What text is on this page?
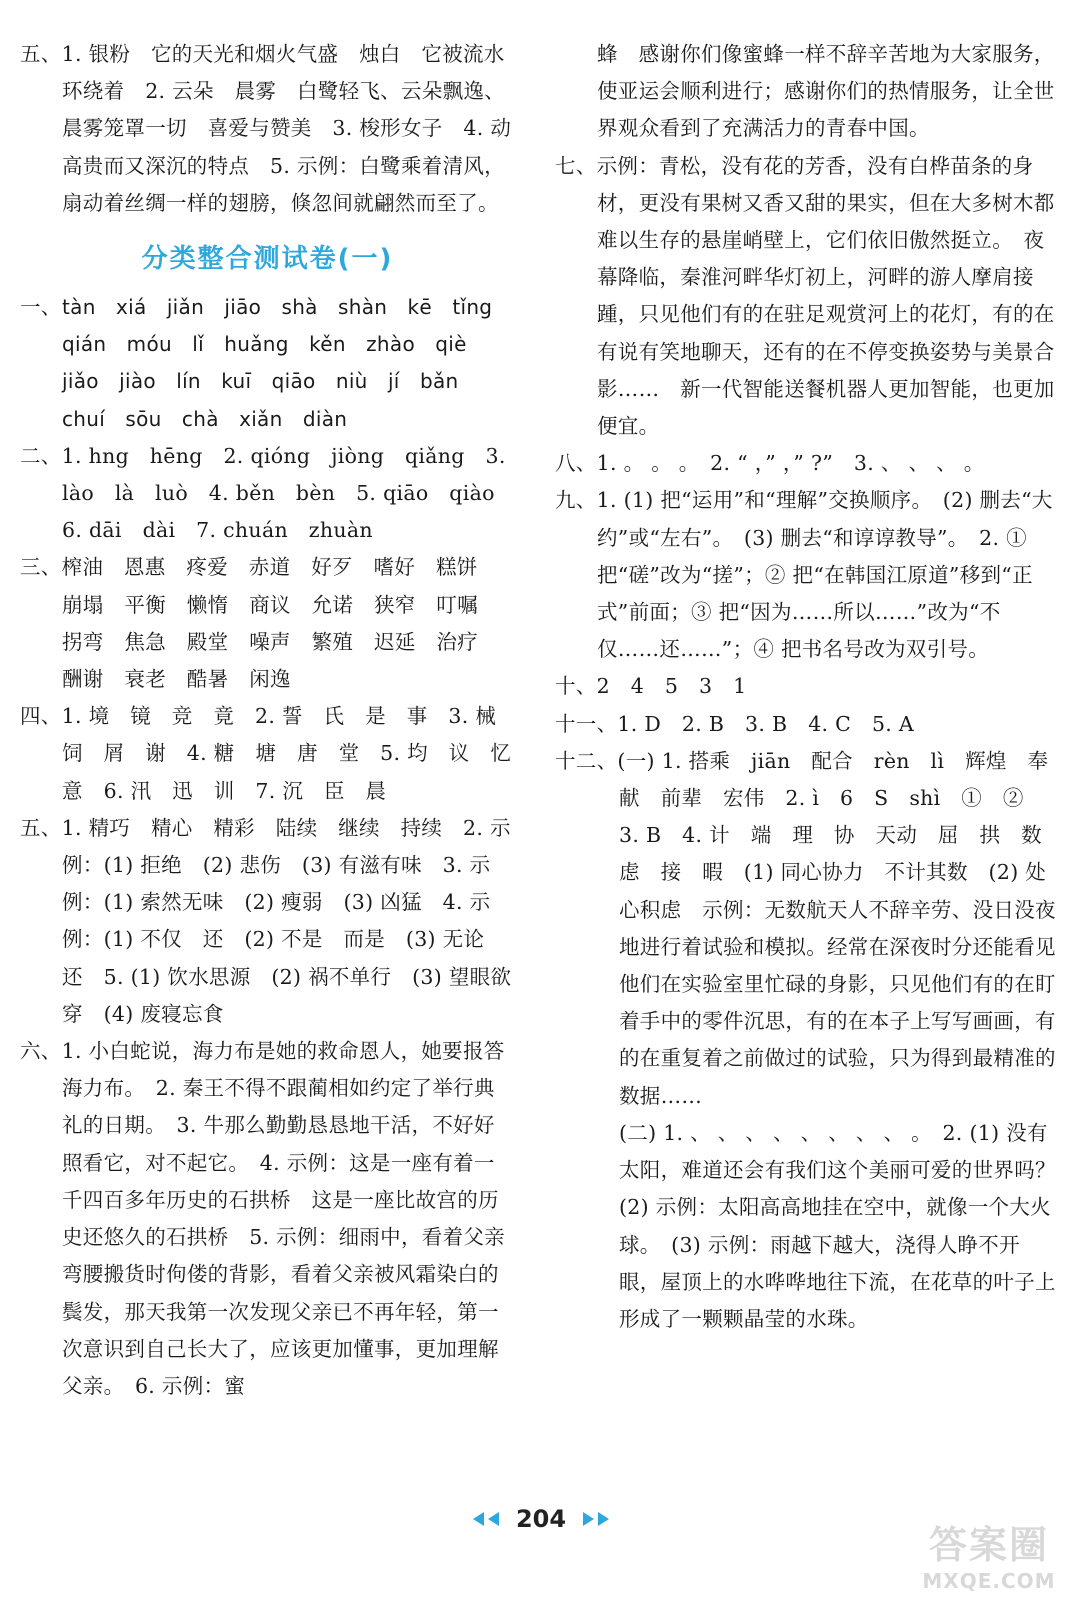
五、1. 银粉　它的天光和烟火气盛　烛白　它被流水环绕着　2. 云朵　晨雾　白鹭轻飞、云朵飘逸、晨雾笼罩一切　喜爱与赞美　3. 梭形女子　4. 动　高贵而又深沉的特点　5. 示例：白鹭乘着清风，扇动着丝绸一样的翅膀，倏忽间就翩然而至了。

分类整合测试卷(一)
一、 tàn　xiá　jiǎn　jiāo　shà　shàn　kē　tǐng
qián　móu　lǐ　huǎng　kěn　zhào　qiè
jiǎo　jiào　lín　kuī　qiāo　niù　jí　bǎn
chuí　sōu　chà　xiǎn　diàn

二、1. hng　hēng　2. qióng　jiòng　qiǎng　3. lào　là　luò　4. běn　bèn　5. qiāo　qiào　6. dāi　dài　7. chuán　zhuàn

三、榨油　恩惠　疼爱　赤道　好歹　嗜好　糕饼　崩塌　平衡　懒惰　商议　允诺　狭窄　叮嘱　拐弯　焦急　殿堂　噪声　繁殖　迟延　治疗　酬谢　衰老　酷暑　闲逸

四、1. 境　镜　竞　竟　2. 誓　氏　是　事　3. 械　饲　屑　谢　4. 糖　塘　唐　堂　5. 均　议　忆　意　6. 汛　迅　训　7. 沉　臣　晨

五、1. 精巧　精心　精彩　陆续　继续　持续　2. 示例：(1) 拒绝　(2) 悲伤　(3) 有滋有味　3. 示例：(1) 索然无味　(2) 瘦弱　(3) 凶猛　4. 示例：(1) 不仅　还　(2) 不是　而是　(3) 无论　还　5. (1) 饮水思源　(2) 祸不单行　(3) 望眼欲穿　(4) 废寝忘食

六、1. 小白蛇说，海力布是她的救命恩人，她要报答海力布。　2. 秦王不得不跟蔺相如约定了举行典礼的日期。　3. 牛那么勤勤恳恳地干活，不好好照看它，对不起它。　4. 示例：这是一座有着一千四百多年历史的石拱桥　这是一座比故宫的历史还悠久的石拱桥　5. 示例：细雨中，看着父亲弯腰搬货时佝偻的背影，看着父亲被风霜染白的鬓发，那天我第一次发现父亲已不再年轻，第一次意识到自己长大了，应该更加懂事，更加理解父亲。　6. 示例：蜜

蜂　感谢你们像蜜蜂一样不辞辛苦地为大家服务，使亚运会顺利进行；感谢你们的热情服务，让全世界观众看到了充满活力的青春中国。

七、示例：青松，没有花的芳香，没有白桦苗条的身材，更没有果树又香又甜的果实，但在大多树木都难以生存的悬崖峭壁上，它们依旧傲然挺立。　夜幕降临，秦淮河畔华灯初上，河畔的游人摩肩接踵，只见他们有的在驻足观赏河上的花灯，有的在有说有笑地聊天，还有的在不停变换姿势与美景合影……　新一代智能送餐机器人更加智能，也更加便宜。

八、1. 。 。 。　2. “ ，” ，” ?”　3. 、 、 、 。

九、1. (1) 把“运用”和“理解”交换顺序。　(2) 删去“大约”或“左右”。　(3) 删去“和谆谆教导”。　2. ① 把“磋”改为“搓”；② 把“在韩国江原道”移到“正式”前面；③ 把“因为……所以……”改为“不仅……还……”；④ 把书名号改为双引号。

十、2　4　5　3　1

十一、1. D　2. B　3. B　4. C　5. A

十二、(一) 1. 搭乘　jiān　配合　rèn　lì　辉煌　奉献　前辈　宏伟　2. ì　6　S　shì　①　②　3. B　4. 计　端　理　协　天动　屈　拱　数　虑　接　暇　(1) 同心协力　不计其数　(2) 处心积虑　示例：无数航天人不辞辛劳、没日没夜地进行着试验和模拟。经常在深夜时分还能看见他们在实验室里忙碌的身影，只见他们有的在盯着手中的零件沉思，有的在本子上写写画画，有的在重复着之前做过的试验，只为得到最精准的数据……

(二) 1. 、 、 、 、 、 、 、 、 。　2. (1) 没有太阳，难道还会有我们这个美丽可爱的世界吗？　(2) 示例：太阳高高地挂在空中，就像一个大火球。　(3) 示例：雨越下越大，浇得人睁不开眼，屋顶上的水哗哗地往下流，在花草的叶子上形成了一颗颗晶莹的水珠。

204
答案圈
MXQE.COM
